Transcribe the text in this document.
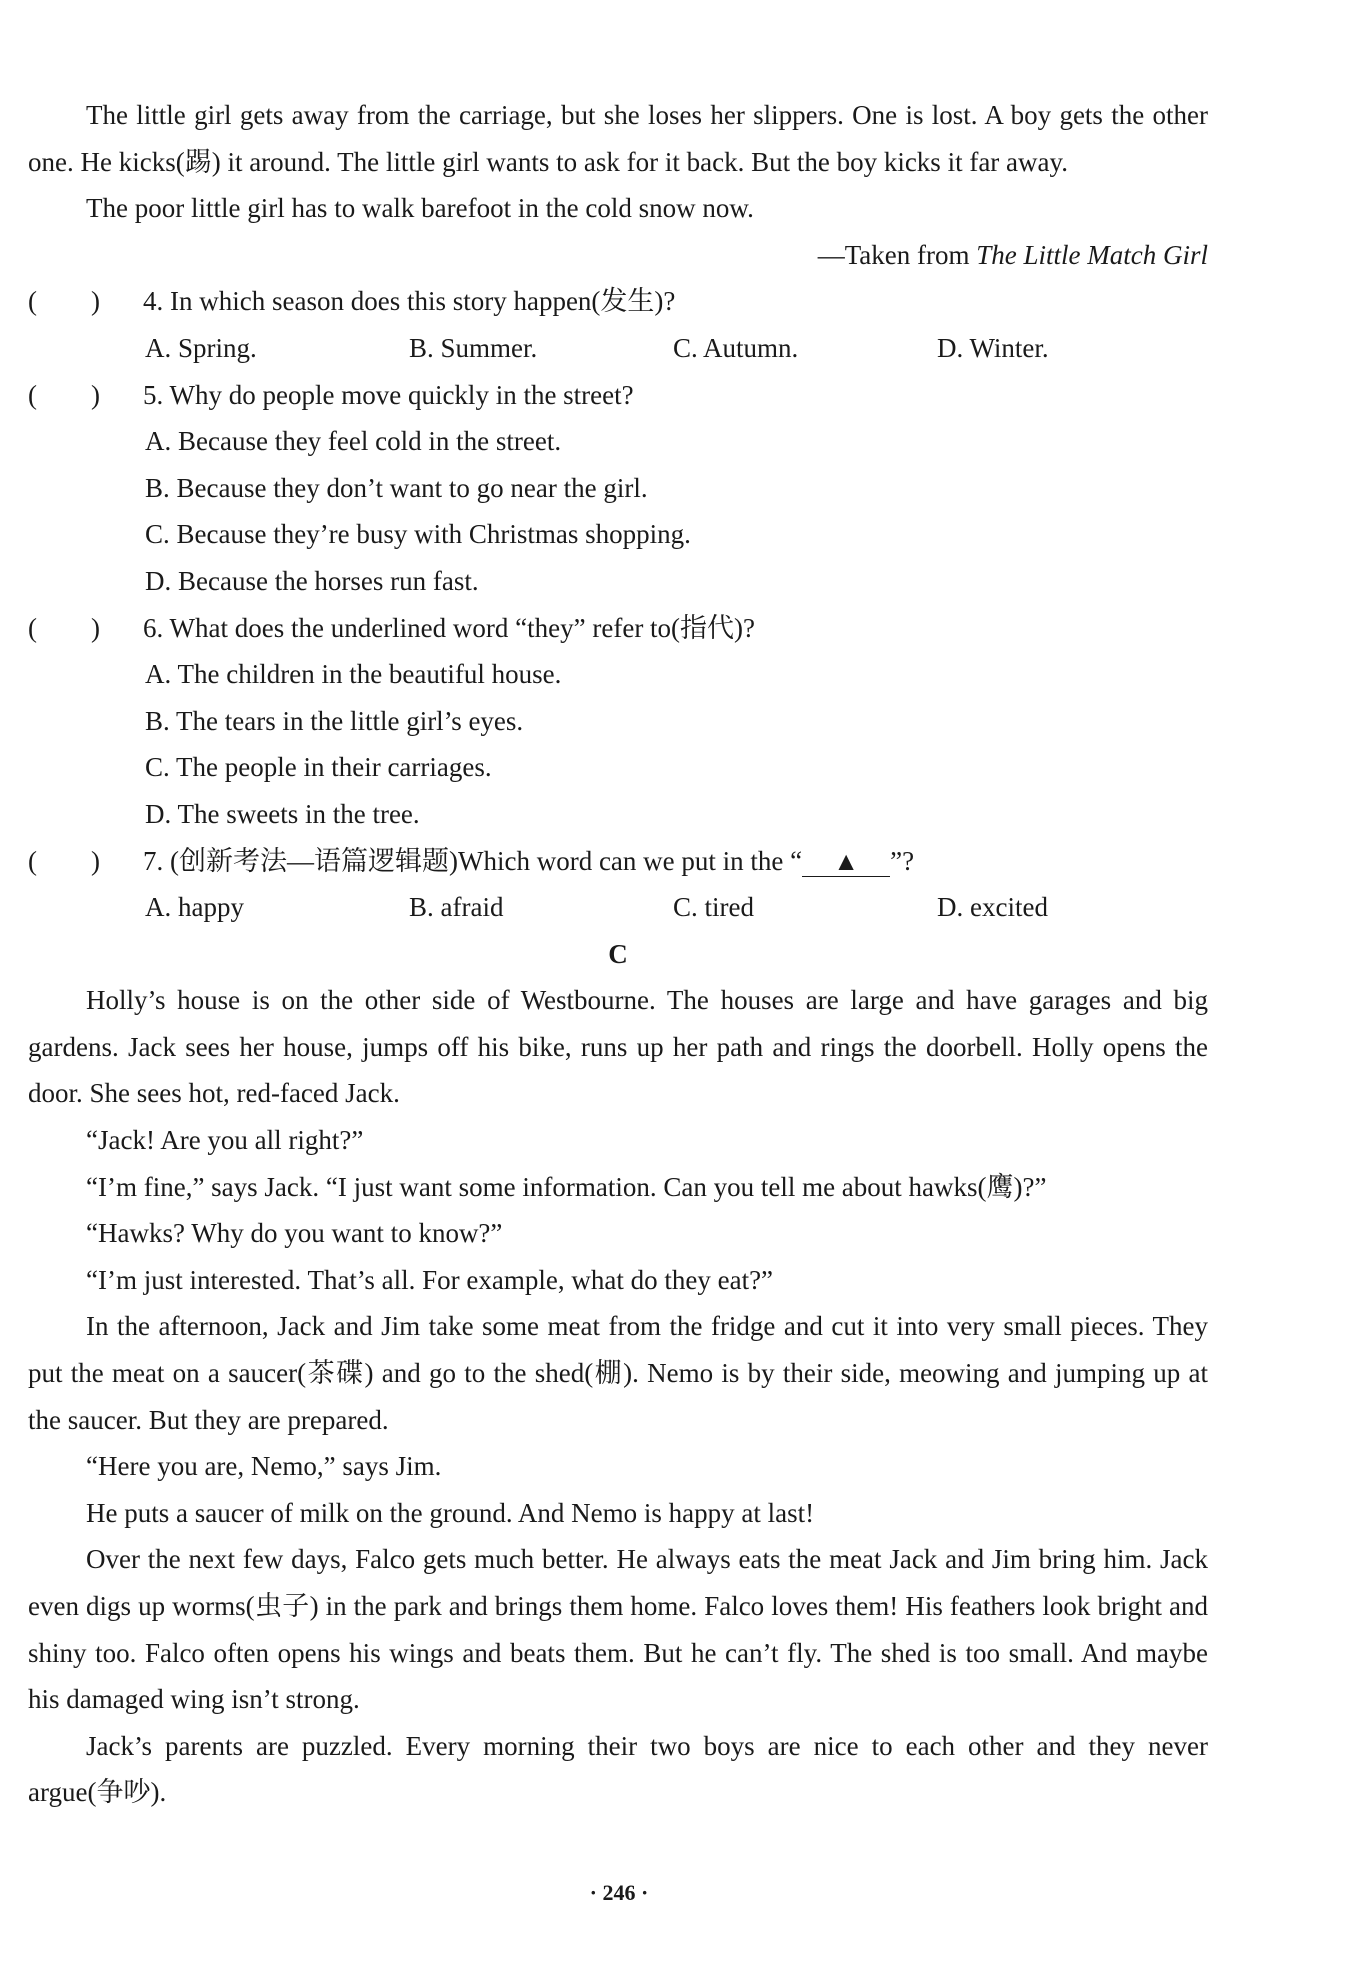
The little girl gets away from the carriage, but she loses her slippers. One is lost. A boy gets the other one. He kicks(踢) it around. The little girl wants to ask for it back. But the boy kicks it far away.

The poor little girl has to walk barefoot in the cold snow now.

—Taken from The Little Match Girl

(　　) 4. In which season does this story happen(发生)?

A. Spring.	B. Summer.	C. Autumn.	D. Winter.

(　　) 5. Why do people move quickly in the street?

A. Because they feel cold in the street.

B. Because they don’t want to go near the girl.

C. Because they’re busy with Christmas shopping.

D. Because the horses run fast.

(　　) 6. What does the underlined word “they” refer to(指代)?

A. The children in the beautiful house.

B. The tears in the little girl’s eyes.

C. The people in their carriages.

D. The sweets in the tree.

(　　) 7. (创新考法—语篇逻辑题)Which word can we put in the “ ▲ ”?

A. happy	B. afraid	C. tired	D. excited

C

Holly’s house is on the other side of Westbourne. The houses are large and have garages and big gardens. Jack sees her house, jumps off his bike, runs up her path and rings the doorbell. Holly opens the door. She sees hot, red-faced Jack.

“Jack! Are you all right?”

“I’m fine,” says Jack. “I just want some information. Can you tell me about hawks(鹰)?”

“Hawks? Why do you want to know?”

“I’m just interested. That’s all. For example, what do they eat?”

In the afternoon, Jack and Jim take some meat from the fridge and cut it into very small pieces. They put the meat on a saucer(茶碟) and go to the shed(棚). Nemo is by their side, meowing and jumping up at the saucer. But they are prepared.

“Here you are, Nemo,” says Jim.

He puts a saucer of milk on the ground. And Nemo is happy at last!

Over the next few days, Falco gets much better. He always eats the meat Jack and Jim bring him. Jack even digs up worms(虫子) in the park and brings them home. Falco loves them! His feathers look bright and shiny too. Falco often opens his wings and beats them. But he can’t fly. The shed is too small. And maybe his damaged wing isn’t strong.

Jack’s parents are puzzled. Every morning their two boys are nice to each other and they never argue(争吵).

· 246 ·
